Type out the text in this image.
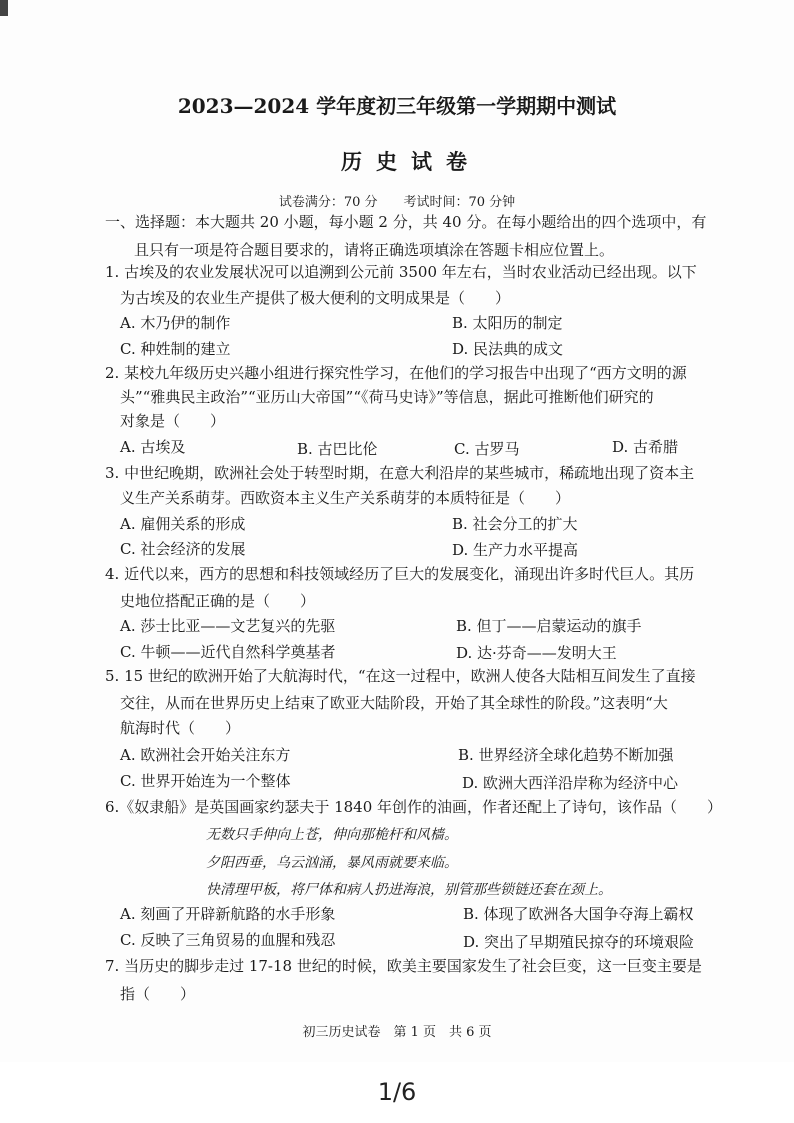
2023—2024 学年度初三年级第一学期期中测试
历史试卷
试卷满分：70 分　　考试时间：70 分钟
一、选择题：本大题共 20 小题，每小题 2 分，共 40 分。在每小题给出的四个选项中，有
且只有一项是符合题目要求的，请将正确选项填涂在答题卡相应位置上。
1. 古埃及的农业发展状况可以追溯到公元前 3500 年左右，当时农业活动已经出现。以下
为古埃及的农业生产提供了极大便利的文明成果是（　　）
A. 木乃伊的制作	B. 太阳历的制定
C. 种姓制的建立	D. 民法典的成文
2. 某校九年级历史兴趣小组进行探究性学习，在他们的学习报告中出现了“西方文明的源
头”“雅典民主政治”“亚历山大帝国”“《荷马史诗》”等信息，据此可推断他们研究的
对象是（　　）
A. 古埃及	B. 古巴比伦	C. 古罗马	D. 古希腊
3. 中世纪晚期，欧洲社会处于转型时期，在意大利沿岸的某些城市，稀疏地出现了资本主
义生产关系萌芽。西欧资本主义生产关系萌芽的本质特征是（　　）
A. 雇佣关系的形成	B. 社会分工的扩大
C. 社会经济的发展	D. 生产力水平提高
4. 近代以来，西方的思想和科技领域经历了巨大的发展变化，涌现出许多时代巨人。其历
史地位搭配正确的是（　　）
A. 莎士比亚——文艺复兴的先驱	B. 但丁——启蒙运动的旗手
C. 牛顿——近代自然科学奠基者	D. 达·芬奇——发明大王
5. 15 世纪的欧洲开始了大航海时代，“在这一过程中，欧洲人使各大陆相互间发生了直接
交往，从而在世界历史上结束了欧亚大陆阶段，开始了其全球性的阶段。”这表明“大
航海时代（　　）
A. 欧洲社会开始关注东方	B. 世界经济全球化趋势不断加强
C. 世界开始连为一个整体	D. 欧洲大西洋沿岸称为经济中心
6.《奴隶船》是英国画家约瑟夫于 1840 年创作的油画，作者还配上了诗句，该作品（　　）
无数只手伸向上苍，伸向那桅杆和风樯。
夕阳西垂，乌云汹涌，暴风雨就要来临。
快清理甲板，将尸体和病人扔进海浪，别管那些锁链还套在颈上。
A. 刻画了开辟新航路的水手形象	B. 体现了欧洲各大国争夺海上霸权
C. 反映了三角贸易的血腥和残忍	D. 突出了早期殖民掠夺的环境艰险
7. 当历史的脚步走过 17-18 世纪的时候，欧美主要国家发生了社会巨变，这一巨变主要是
指（　　）
初三历史试卷　第 1 页　共 6 页
1/6
